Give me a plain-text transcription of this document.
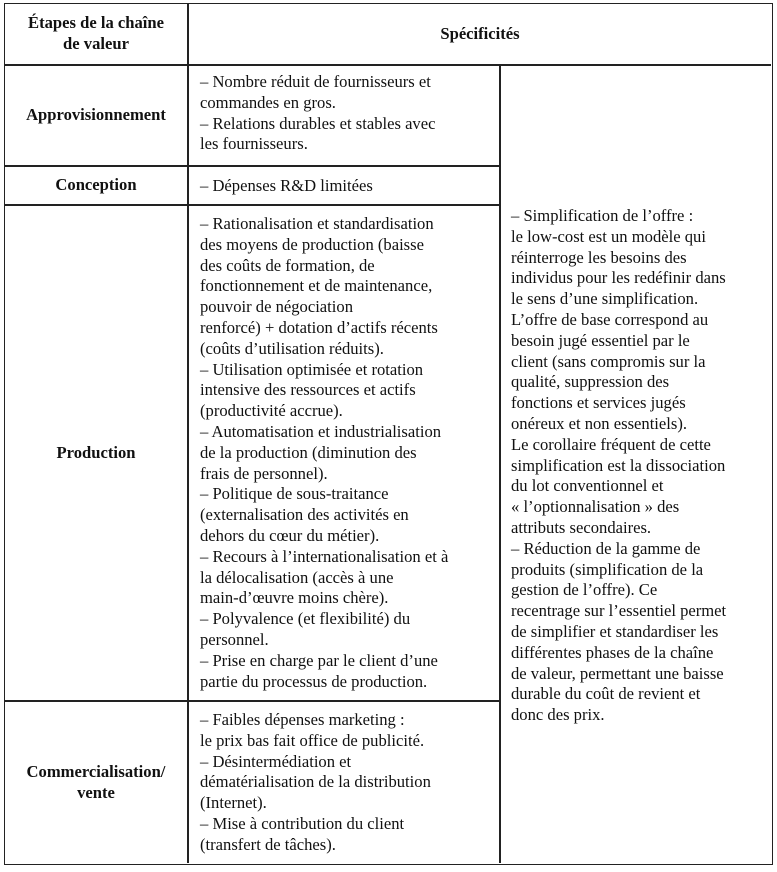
Étapes de la chaîne
de valeur
Spécificités
Approvisionnement
– Nombre réduit de fournisseurs et
commandes en gros.
– Relations durables et stables avec
les fournisseurs.
Conception	– Dépenses R&D limitées
Production
– Rationalisation et standardisation
des moyens de production (baisse
des coûts de formation, de
fonctionnement et de maintenance,
pouvoir de négociation
renforcé) + dotation d’actifs récents
(coûts d’utilisation réduits).
– Utilisation optimisée et rotation
intensive des ressources et actifs
(productivité accrue).
– Automatisation et industrialisation
de la production (diminution des
frais de personnel).
– Politique de sous-traitance
(externalisation des activités en
dehors du cœur du métier).
– Recours à l’internationalisation et à
la délocalisation (accès à une
main-d’œuvre moins chère).
– Polyvalence (et flexibilité) du
personnel.
– Prise en charge par le client d’une
partie du processus de production.
Commercialisation/
vente
– Faibles dépenses marketing :
le prix bas fait office de publicité.
– Désintermédiation et
dématérialisation de la distribution
(Internet).
– Mise à contribution du client
(transfert de tâches).
– Simplification de l’offre :
le low-cost est un modèle qui
réinterroge les besoins des
individus pour les redéfinir dans
le sens d’une simplification.
L’offre de base correspond au
besoin jugé essentiel par le
client (sans compromis sur la
qualité, suppression des
fonctions et services jugés
onéreux et non essentiels).
Le corollaire fréquent de cette
simplification est la dissociation
du lot conventionnel et
« l’optionnalisation » des
attributs secondaires.
– Réduction de la gamme de
produits (simplification de la
gestion de l’offre). Ce
recentrage sur l’essentiel permet
de simplifier et standardiser les
différentes phases de la chaîne
de valeur, permettant une baisse
durable du coût de revient et
donc des prix.
